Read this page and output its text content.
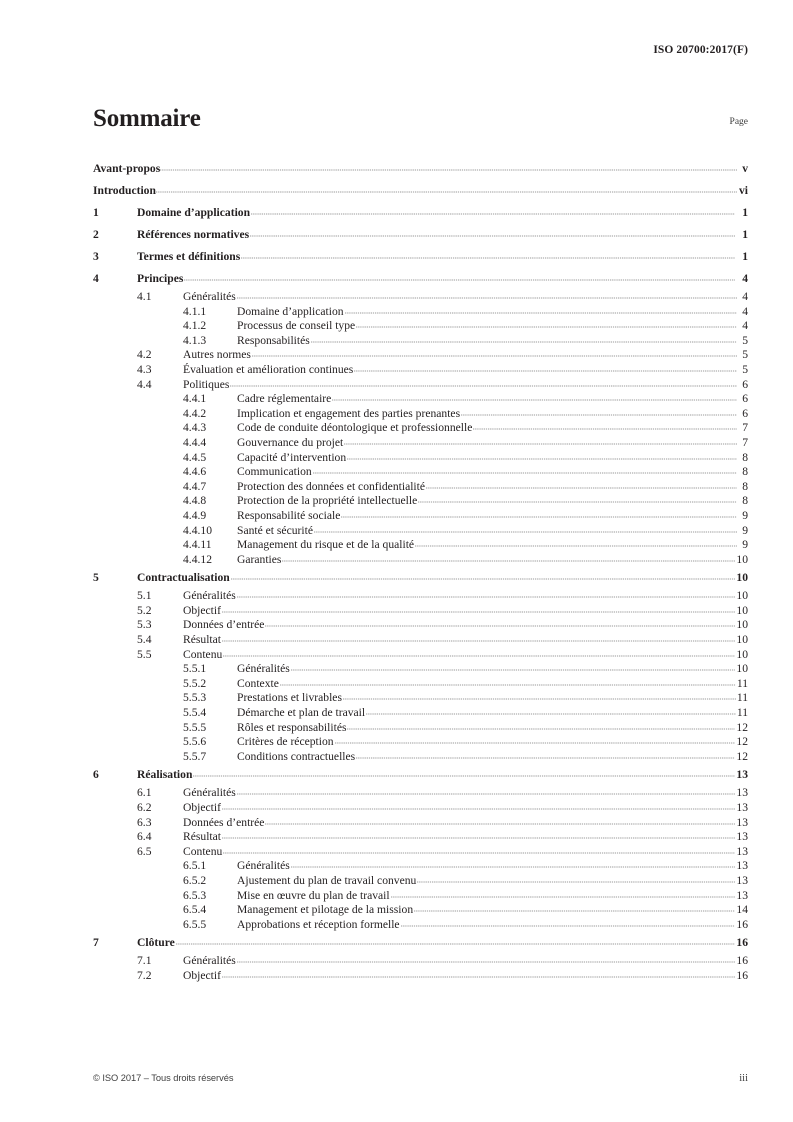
ISO 20700:2017(F)
Sommaire	Page
Avant-propos	v
Introduction	vi
1	Domaine d’application	1
2	Références normatives	1
3	Termes et définitions	1
4	Principes	4
4.1	Généralités	4
4.1.1	Domaine d’application	4
4.1.2	Processus de conseil type	4
4.1.3	Responsabilités	5
4.2	Autres normes	5
4.3	Évaluation et amélioration continues	5
4.4	Politiques	6
4.4.1	Cadre réglementaire	6
4.4.2	Implication et engagement des parties prenantes	6
4.4.3	Code de conduite déontologique et professionnelle	7
4.4.4	Gouvernance du projet	7
4.4.5	Capacité d’intervention	8
4.4.6	Communication	8
4.4.7	Protection des données et confidentialité	8
4.4.8	Protection de la propriété intellectuelle	8
4.4.9	Responsabilité sociale	9
4.4.10	Santé et sécurité	9
4.4.11	Management du risque et de la qualité	9
4.4.12	Garanties	10
5	Contractualisation	10
5.1	Généralités	10
5.2	Objectif	10
5.3	Données d’entrée	10
5.4	Résultat	10
5.5	Contenu	10
5.5.1	Généralités	10
5.5.2	Contexte	11
5.5.3	Prestations et livrables	11
5.5.4	Démarche et plan de travail	11
5.5.5	Rôles et responsabilités	12
5.5.6	Critères de réception	12
5.5.7	Conditions contractuelles	12
6	Réalisation	13
6.1	Généralités	13
6.2	Objectif	13
6.3	Données d’entrée	13
6.4	Résultat	13
6.5	Contenu	13
6.5.1	Généralités	13
6.5.2	Ajustement du plan de travail convenu	13
6.5.3	Mise en œuvre du plan de travail	13
6.5.4	Management et pilotage de la mission	14
6.5.5	Approbations et réception formelle	16
7	Clôture	16
7.1	Généralités	16
7.2	Objectif	16
© ISO 2017 – Tous droits réservés	iii
